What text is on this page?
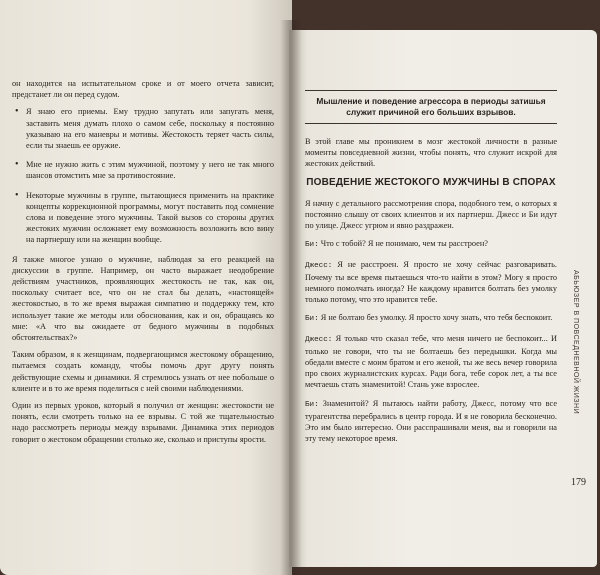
он находится на испытательном сроке и от моего отчета зависит, предстанет ли он перед судом.

• Я знаю его приемы. Ему трудно запутать или запугать меня, заставить меня думать плохо о самом себе, поскольку я постоянно указываю на его маневры и мотивы. Жестокость теряет часть силы, если ты знаешь ее оружие.
• Мне не нужно жить с этим мужчиной, поэтому у него не так много шансов отомстить мне за противостояние.
• Некоторые мужчины в группе, пытающиеся применить на практике концепты коррекционной программы, могут поставить под сомнение слова и поведение этого мужчины. Такой вызов со стороны других жестоких мужчин осложняет ему возможность возложить всю вину на партнершу или на женщин вообще.

Я также многое узнаю о мужчине, наблюдая за его реакцией на дискуссии в группе. Например, он часто выражает неодобрение действиям участников, проявляющих жестокость не так, как он, поскольку считает все, что он не стал бы делать, «настоящей» жестокостью, в то же время выражая симпатию и поддержку тем, кто использует такие же методы или обоснования, как и он, обращаясь ко мне: «А что вы ожидаете от бедного мужчины в подобных обстоятельствах?»

Таким образом, я к женщинам, подвергающимся жестокому обращению, пытаемся создать команду, чтобы помочь друг другу понять действующие схемы и динамики. Я стремлюсь узнать от нее побольше о клиенте и в то же время поделиться с ней своими наблюдениями.

Один из первых уроков, который я получил от женщин: жестокости не понять, если смотреть только на ее взрывы. С той же тщательностью надо рассмотреть периоды между взрывами. Динамика этих периодов говорит о жестоком обращении столько же, сколько и приступы ярости.

Мышление и поведение агрессора в периоды затишья служит причиной его больших взрывов.

В этой главе мы проникнем в мозг жестокой личности в разные моменты повседневной жизни, чтобы понять, что служит искрой для жестоких действий.

ПОВЕДЕНИЕ ЖЕСТОКОГО МУЖЧИНЫ В СПОРАХ

Я начну с детального рассмотрения спора, подобного тем, о которых я постоянно слышу от своих клиентов и их партнерш. Джесс и Би идут по улице. Джесс угрюм и явно раздражен.

Би: Что с тобой? Я не понимаю, чем ты расстроен?

Джесс: Я не расстроен. Я просто не хочу сейчас разговаривать. Почему ты все время пытаешься что-то найти в этом? Могу я просто немного помолчать иногда? Не каждому нравится болтать без умолку только потому, что это нравится тебе.

Би: Я не болтаю без умолку. Я просто хочу знать, что тебя беспокоит.

Джесс: Я только что сказал тебе, что меня ничего не беспокоит... И только не говори, что ты не болтаешь без передышки. Когда мы обедали вместе с моим братом и его женой, ты же весь вечер говорила про своих журналистских курсах. Ради бога, тебе сорок лет, а ты все мечтаешь стать знаменитой! Стань уже взрослее.

Би: Знаменитой? Я пытаюсь найти работу, Джесс, потому что все турагентства перебрались в центр города. И я не говорила бесконечно. Это им было интересно. Они расспрашивали меня, вы и говорили на эту тему некоторое время.

АБЬЮЗЕР В ПОВСЕДНЕВНОЙ ЖИЗНИ
179
